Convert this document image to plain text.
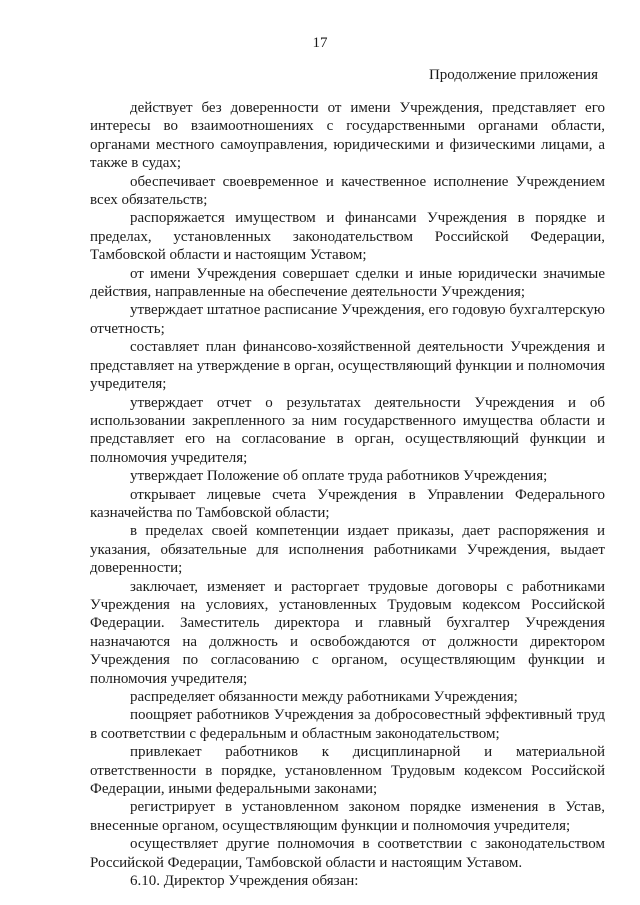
17
Продолжение приложения

действует без доверенности от имени Учреждения, представляет его интересы во взаимоотношениях с государственными органами области, органами местного самоуправления, юридическими и физическими лицами, а также в судах;

обеспечивает своевременное и качественное исполнение Учреждением всех обязательств;

распоряжается имуществом и финансами Учреждения в порядке и пределах, установленных законодательством Российской Федерации, Тамбовской области и настоящим Уставом;

от имени Учреждения совершает сделки и иные юридически значимые действия, направленные на обеспечение деятельности Учреждения;

утверждает штатное расписание Учреждения, его годовую бухгалтерскую отчетность;

составляет план финансово-хозяйственной деятельности Учреждения и представляет на утверждение в орган, осуществляющий функции и полномочия учредителя;

утверждает отчет о результатах деятельности Учреждения и об использовании закрепленного за ним государственного имущества области и представляет его на согласование в орган, осуществляющий функции и полномочия учредителя;

утверждает Положение об оплате труда работников Учреждения;

открывает лицевые счета Учреждения в Управлении Федерального казначейства по Тамбовской области;

в пределах своей компетенции издает приказы, дает распоряжения и указания, обязательные для исполнения работниками Учреждения, выдает доверенности;

заключает, изменяет и расторгает трудовые договоры с работниками Учреждения на условиях, установленных Трудовым кодексом Российской Федерации. Заместитель директора и главный бухгалтер Учреждения назначаются на должность и освобождаются от должности директором Учреждения по согласованию с органом, осуществляющим функции и полномочия учредителя;

распределяет обязанности между работниками Учреждения;

поощряет работников Учреждения за добросовестный эффективный труд в соответствии с федеральным и областным законодательством;

привлекает работников к дисциплинарной и материальной ответственности в порядке, установленном Трудовым кодексом Российской Федерации, иными федеральными законами;

регистрирует в установленном законом порядке изменения в Устав, внесенные органом, осуществляющим функции и полномочия учредителя;

осуществляет другие полномочия в соответствии с законодательством Российской Федерации, Тамбовской области и настоящим Уставом.

6.10. Директор Учреждения обязан:
